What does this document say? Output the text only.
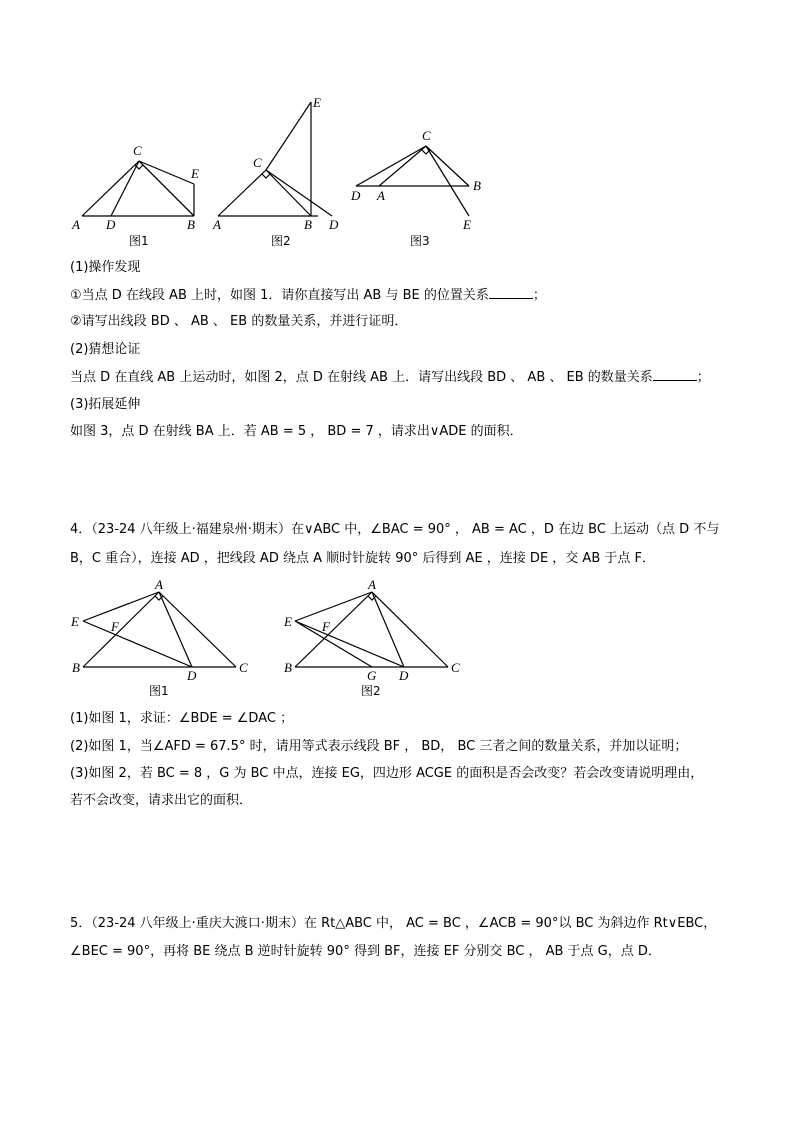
C
E
A D	B
图1
E
C
A	B D
图2
C
B
D A
E
图3
(1)操作发现
①当点 D 在线段 AB 上时，如图 1．请你直接写出 AB 与 BE 的位置关系	；
②请写出线段 BD 、 AB 、 EB 的数量关系，并进行证明．
(2)猜想论证
当点 D 在直线 AB 上运动时，如图 2，点 D 在射线 AB 上．请写出线段 BD 、 AB 、 EB 的数量关系	；
(3)拓展延伸
如图 3，点 D 在射线 BA 上．若 AB = 5 ， BD = 7 ，请求出∨ADE 的面积．
4．（23-24 八年级上·福建泉州·期末）在∨ABC 中，∠BAC = 90° ， AB = AC ，D 在边 BC 上运动（点 D 不与
B，C 重合），连接 AD ，把线段 AD 绕点 A 顺时针旋转 90° 后得到 AE ，连接 DE ，交 AB 于点 F．
A
E F
B	C
D
图1
A
E F
B	C
G D
图2
(1)如图 1，求证：∠BDE = ∠DAC ；
(2)如图 1，当∠AFD = 67.5° 时，请用等式表示线段 BF ， BD， BC 三者之间的数量关系，并加以证明；
(3)如图 2，若 BC = 8 ，G 为 BC 中点，连接 EG，四边形 ACGE 的面积是否会改变？若会改变请说明理由，
若不会改变，请求出它的面积．
5．（23-24 八年级上·重庆大渡口·期末）在 Rt△ABC 中， AC = BC ，∠ACB = 90°以 BC 为斜边作 Rt∨EBC，
∠BEC = 90°，再将 BE 绕点 B 逆时针旋转 90° 得到 BF，连接 EF 分别交 BC ， AB 于点 G，点 D．
